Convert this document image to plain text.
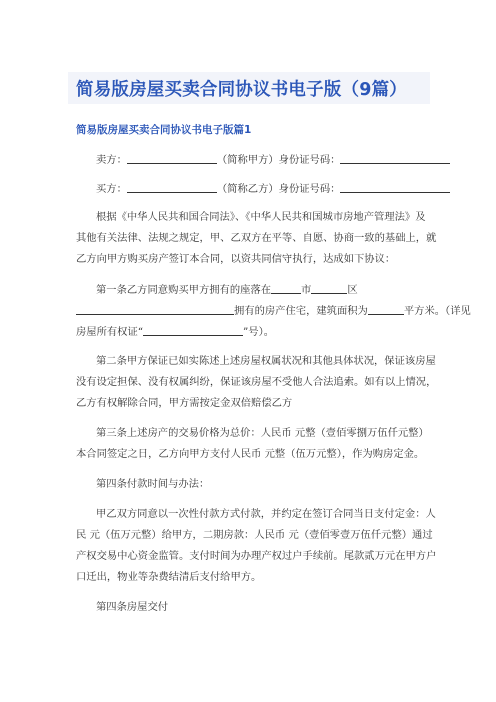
简易版房屋买卖合同协议书电子版（9篇）
简易版房屋买卖合同协议书电子版篇1
卖方：	（简称甲方）身份证号码：
买方：	（简称乙方）身份证号码：
根据《中华人民共和国合同法》、《中华人民共和国城市房地产管理法》及
其他有关法律、法规之规定，甲、乙双方在平等、自愿、协商一致的基础上，就
乙方向甲方购买房产签订本合同，以资共同信守执行，达成如下协议：
第一条乙方同意购买甲方拥有的座落在	市	区
拥有的房产住宅，建筑面积为	平方米。（详见
房屋所有权证“	”号）。
第二条甲方保证已如实陈述上述房屋权属状况和其他具体状况，保证该房屋
没有设定担保、没有权属纠纷，保证该房屋不受他人合法追索。如有以上情况，
乙方有权解除合同，甲方需按定金双倍赔偿乙方
第三条上述房产的交易价格为总价：人民币 元整（壹佰零捌万伍仟元整）
本合同签定之日，乙方向甲方支付人民币 元整（伍万元整），作为购房定金。
第四条付款时间与办法：
甲乙双方同意以一次性付款方式付款，并约定在签订合同当日支付定金：人
民 元（伍万元整）给甲方，二期房款：人民币 元（壹佰零壹万伍仟元整）通过
产权交易中心资金监管。支付时间为办理产权过户手续前。尾款贰万元在甲方户
口迁出，物业等杂费结清后支付给甲方。
第四条房屋交付
